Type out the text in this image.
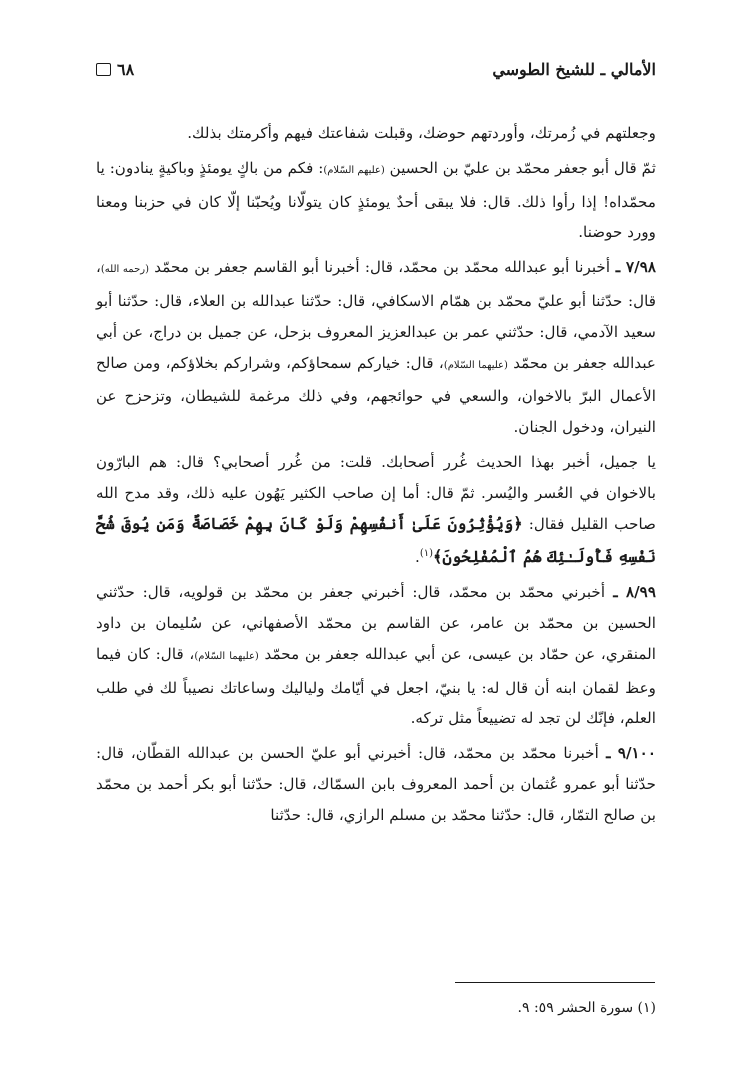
الأمالي ـ للشيخ الطوسي
٦٨

وجعلتهم في زُمرتك، وأوردتهم حوضك، وقبلت شفاعتك فيهم وأكرمتك بذلك.

ثمّ قال أبو جعفر محمّد بن عليّ بن الحسين (عليهم السّلام): فكم من باكٍ يومئذٍ وباكيةٍ ينادون: يا محمّداه! إذا رأوا ذلك. قال: فلا يبقى أحدٌ يومئذٍ كان يتولّانا ويُحبّنا إلّا كان في حزبنا ومعنا وورد حوضنا.

٧/٩٨ ـ أخبرنا أبو عبدالله محمّد بن محمّد، قال: أخبرنا أبو القاسم جعفر بن محمّد (رحمه الله)، قال: حدّثنا أبو عليّ محمّد بن همّام الاسكافي، قال: حدّثنا عبدالله بن العلاء، قال: حدّثنا أبو سعيد الآدمي، قال: حدّثني عمر بن عبدالعزيز المعروف بزحل، عن جميل بن دراج، عن أبي عبدالله جعفر بن محمّد (عليهما السّلام)، قال: خياركم سمحاؤكم، وشراركم بخلاؤكم، ومن صالح الأعمال البرّ بالاخوان، والسعي في حوائجهم، وفي ذلك مرغمة للشيطان، وتزحزح عن النيران، ودخول الجنان.

يا جميل، أخبر بهذا الحديث غُرر أصحابك. قلت: من غُرر أصحابي؟ قال: هم البارّون بالاخوان في العُسر واليُسر. ثمّ قال: أما إن صاحب الكثير يَهُون عليه ذلك، وقد مدح الله صاحب القليل فقال: ﴿وَيُؤْثِرُونَ عَلَىٰ أَنفُسِهِمْ وَلَوْ كَانَ بِهِمْ خَصَاصَةٌ وَمَن يُوقَ شُحَّ نَفْسِهِ فَأُولَـٰئِكَ هُمُ ٱلْمُفْلِحُونَ﴾$^{(١)}$.

٨/٩٩ ـ أخبرني محمّد بن محمّد، قال: أخبرني جعفر بن محمّد بن قولويه، قال: حدّثني الحسين بن محمّد بن عامر، عن القاسم بن محمّد الأصفهاني، عن سُليمان بن داود المنقري، عن حمّاد بن عيسى، عن أبي عبدالله جعفر بن محمّد (عليهما السّلام)، قال: كان فيما وعظ لقمان ابنه أن قال له: يا بنيّ، اجعل في أيّامك ولياليك وساعاتك نصيباً لك في طلب العلم، فإنّك لن تجد له تضييعاً مثل تركه.

٩/١٠٠ ـ أخبرنا محمّد بن محمّد، قال: أخبرني أبو عليّ الحسن بن عبدالله القطّان، قال: حدّثنا أبو عمرو عُثمان بن أحمد المعروف بابن السمّاك، قال: حدّثنا أبو بكر أحمد بن محمّد بن صالح التمّار، قال: حدّثنا محمّد بن مسلم الرازي، قال: حدّثنا

(١) سورة الحشر ٥٩: ٩.
